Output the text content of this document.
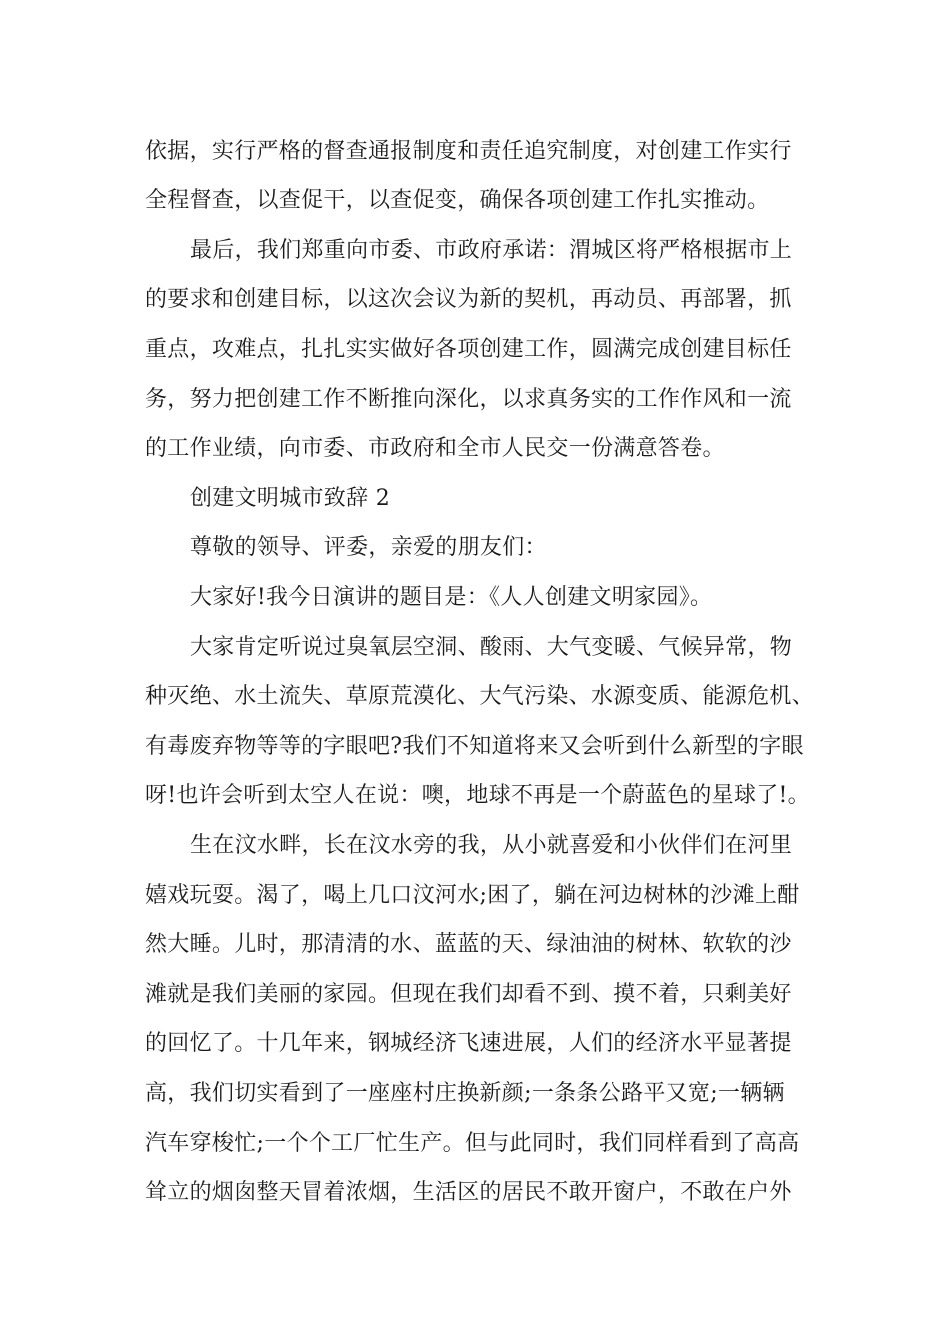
依据，实行严格的督查通报制度和责任追究制度，对创建工作实行
全程督查，以查促干，以查促变，确保各项创建工作扎实推动。
最后，我们郑重向市委、市政府承诺：渭城区将严格根据市上
的要求和创建目标，以这次会议为新的契机，再动员、再部署，抓
重点，攻难点，扎扎实实做好各项创建工作，圆满完成创建目标任
务，努力把创建工作不断推向深化，以求真务实的工作作风和一流
的工作业绩，向市委、市政府和全市人民交一份满意答卷。
创建文明城市致辞 2
尊敬的领导、评委，亲爱的朋友们：
大家好!我今日演讲的题目是：《人人创建文明家园》。
大家肯定听说过臭氧层空洞、酸雨、大气变暖、气候异常，物
种灭绝、水土流失、草原荒漠化、大气污染、水源变质、能源危机、
有毒废弃物等等的字眼吧?我们不知道将来又会听到什么新型的字眼
呀!也许会听到太空人在说：噢，地球不再是一个蔚蓝色的星球了!。
生在汶水畔，长在汶水旁的我，从小就喜爱和小伙伴们在河里
嬉戏玩耍。渴了，喝上几口汶河水;困了，躺在河边树林的沙滩上酣
然大睡。儿时，那清清的水、蓝蓝的天、绿油油的树林、软软的沙
滩就是我们美丽的家园。但现在我们却看不到、摸不着，只剩美好
的回忆了。十几年来，钢城经济飞速进展，人们的经济水平显著提
高，我们切实看到了一座座村庄换新颜;一条条公路平又宽;一辆辆
汽车穿梭忙;一个个工厂忙生产。但与此同时，我们同样看到了高高
耸立的烟囱整天冒着浓烟，生活区的居民不敢开窗户，不敢在户外
